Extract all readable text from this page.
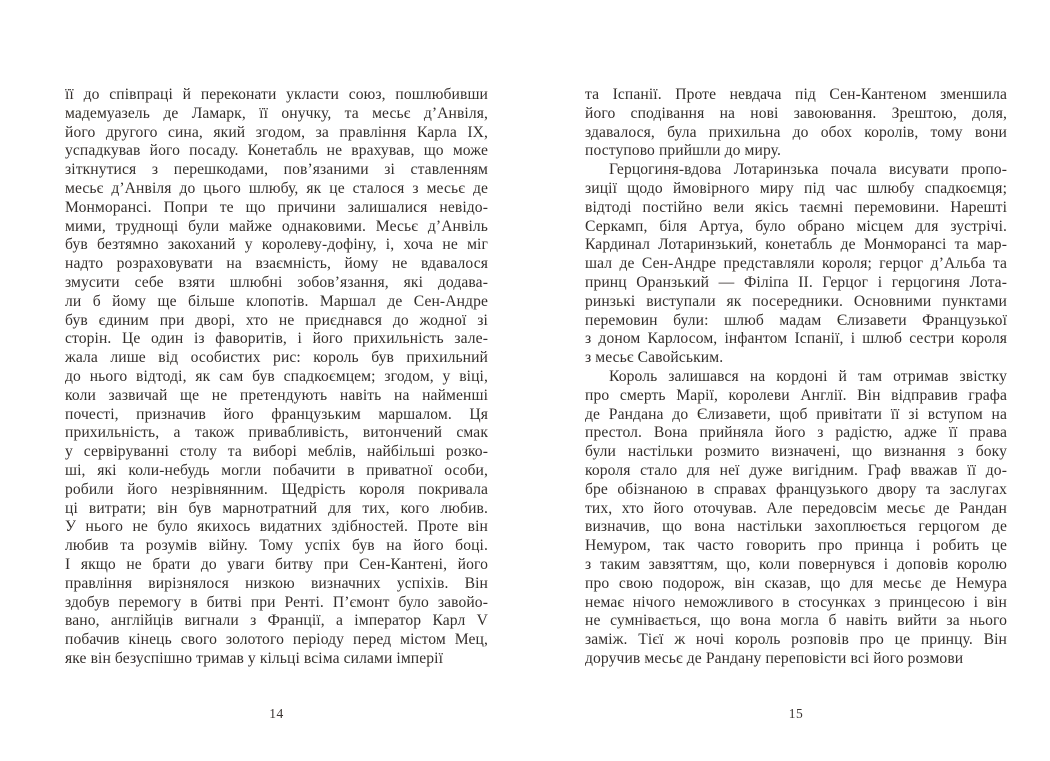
її до співпраці й переконати укласти союз, пошлюбивши
мадемуазель де Ламарк, її онучку, та месьє д’Анвіля,
його другого сина, який згодом, за правління Карла IX,
успадкував його посаду. Конетабль не врахував, що може
зіткнутися з перешкодами, пов’язаними зі ставленням
месьє д’Анвіля до цього шлюбу, як це сталося з месьє де
Монморансі. Попри те що причини залишалися невідо-
мими, труднощі були майже однаковими. Месьє д’Анвіль
був безтямно закоханий у королеву-дофіну, і, хоча не міг
надто розраховувати на взаємність, йому не вдавалося
змусити себе взяти шлюбні зобов’язання, які додава-
ли б йому ще більше клопотів. Маршал де Сен-Андре
був єдиним при дворі, хто не приєднався до жодної зі
сторін. Це один із фаворитів, і його прихильність зале-
жала лише від особистих рис: король був прихильний
до нього відтоді, як сам був спадкоємцем; згодом, у віці,
коли зазвичай ще не претендують навіть на найменші
почесті, призначив його французьким маршалом. Ця
прихильність, а також привабливість, витончений смак
у сервіруванні столу та виборі меблів, найбільші розко-
ші, які коли-небудь могли побачити в приватної особи,
робили його незрівнянним. Щедрість короля покривала
ці витрати; він був марнотратний для тих, кого любив.
У нього не було якихось видатних здібностей. Проте він
любив та розумів війну. Тому успіх був на його боці.
І якщо не брати до уваги битву при Сен-Кантені, його
правління вирізнялося низкою визначних успіхів. Він
здобув перемогу в битві при Ренті. П’ємонт було завойо-
вано, англійців вигнали з Франції, а імператор Карл V
побачив кінець свого золотого періоду перед містом Мец,
яке він безуспішно тримав у кільці всіма силами імперії
14
та Іспанії. Проте невдача під Сен-Кантеном зменшила
його сподівання на нові завоювання. Зрештою, доля,
здавалося, була прихильна до обох королів, тому вони
поступово прийшли до миру.
Герцогиня-вдова Лотаринзька почала висувати пропо-
зиції щодо ймовірного миру під час шлюбу спадкоємця;
відтоді постійно вели якісь таємні перемовини. Нарешті
Серкамп, біля Артуа, було обрано місцем для зустрічі.
Кардинал Лотаринзький, конетабль де Монморансі та мар-
шал де Сен-Андре представляли короля; герцог д’Альба та
принц Оранзький — Філіпа II. Герцог і герцогиня Лота-
ринзькі виступали як посередники. Основними пунктами
перемовин були: шлюб мадам Єлизавети Французької
з доном Карлосом, інфантом Іспанії, і шлюб сестри короля
з месьє Савойським.
Король залишався на кордоні й там отримав звістку
про смерть Марії, королеви Англії. Він відправив графа
де Рандана до Єлизавети, щоб привітати її зі вступом на
престол. Вона прийняла його з радістю, адже її права
були настільки розмито визначені, що визнання з боку
короля стало для неї дуже вигідним. Граф вважав її до-
бре обізнаною в справах французького двору та заслугах
тих, хто його оточував. Але передовсім месьє де Рандан
визначив, що вона настільки захоплюється герцогом де
Немуром, так часто говорить про принца і робить це
з таким завзяттям, що, коли повернувся і доповів королю
про свою подорож, він сказав, що для месьє де Немура
немає нічого неможливого в стосунках з принцесою і він
не сумнівається, що вона могла б навіть вийти за нього
заміж. Тієї ж ночі король розповів про це принцу. Він
доручив месьє де Рандану переповісти всі його розмови
15
